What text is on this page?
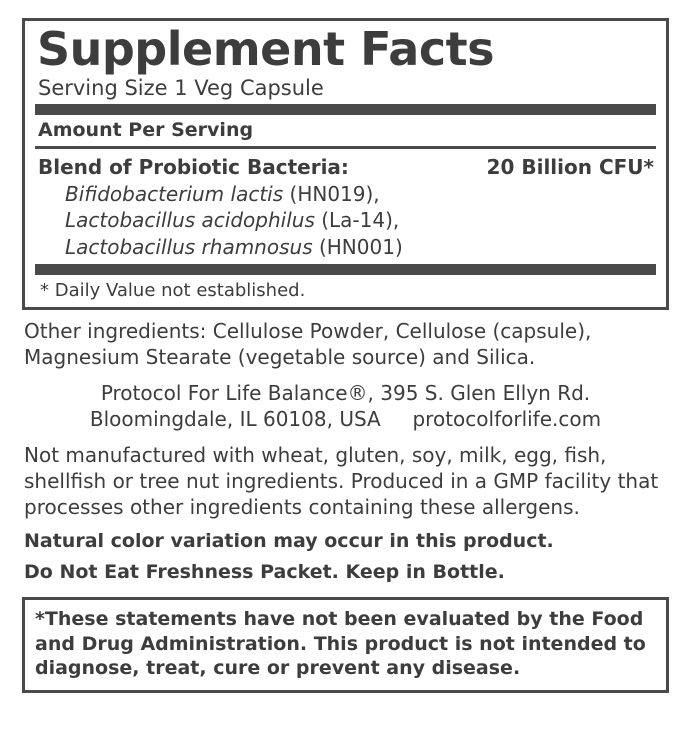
Supplement Facts
Serving Size 1 Veg Capsule
Amount Per Serving
Blend of Probiotic Bacteria:	20 Billion CFU*
Bifidobacterium lactis (HN019),
Lactobacillus acidophilus (La-14),
Lactobacillus rhamnosus (HN001)
* Daily Value not established.
Other ingredients: Cellulose Powder, Cellulose (capsule), Magnesium Stearate (vegetable source) and Silica.
Protocol For Life Balance®, 395 S. Glen Ellyn Rd.
Bloomingdale, IL 60108, USA     protocolforlife.com
Not manufactured with wheat, gluten, soy, milk, egg, fish, shellfish or tree nut ingredients. Produced in a GMP facility that processes other ingredients containing these allergens.
Natural color variation may occur in this product.
Do Not Eat Freshness Packet. Keep in Bottle.
*These statements have not been evaluated by the Food and Drug Administration. This product is not intended to diagnose, treat, cure or prevent any disease.
